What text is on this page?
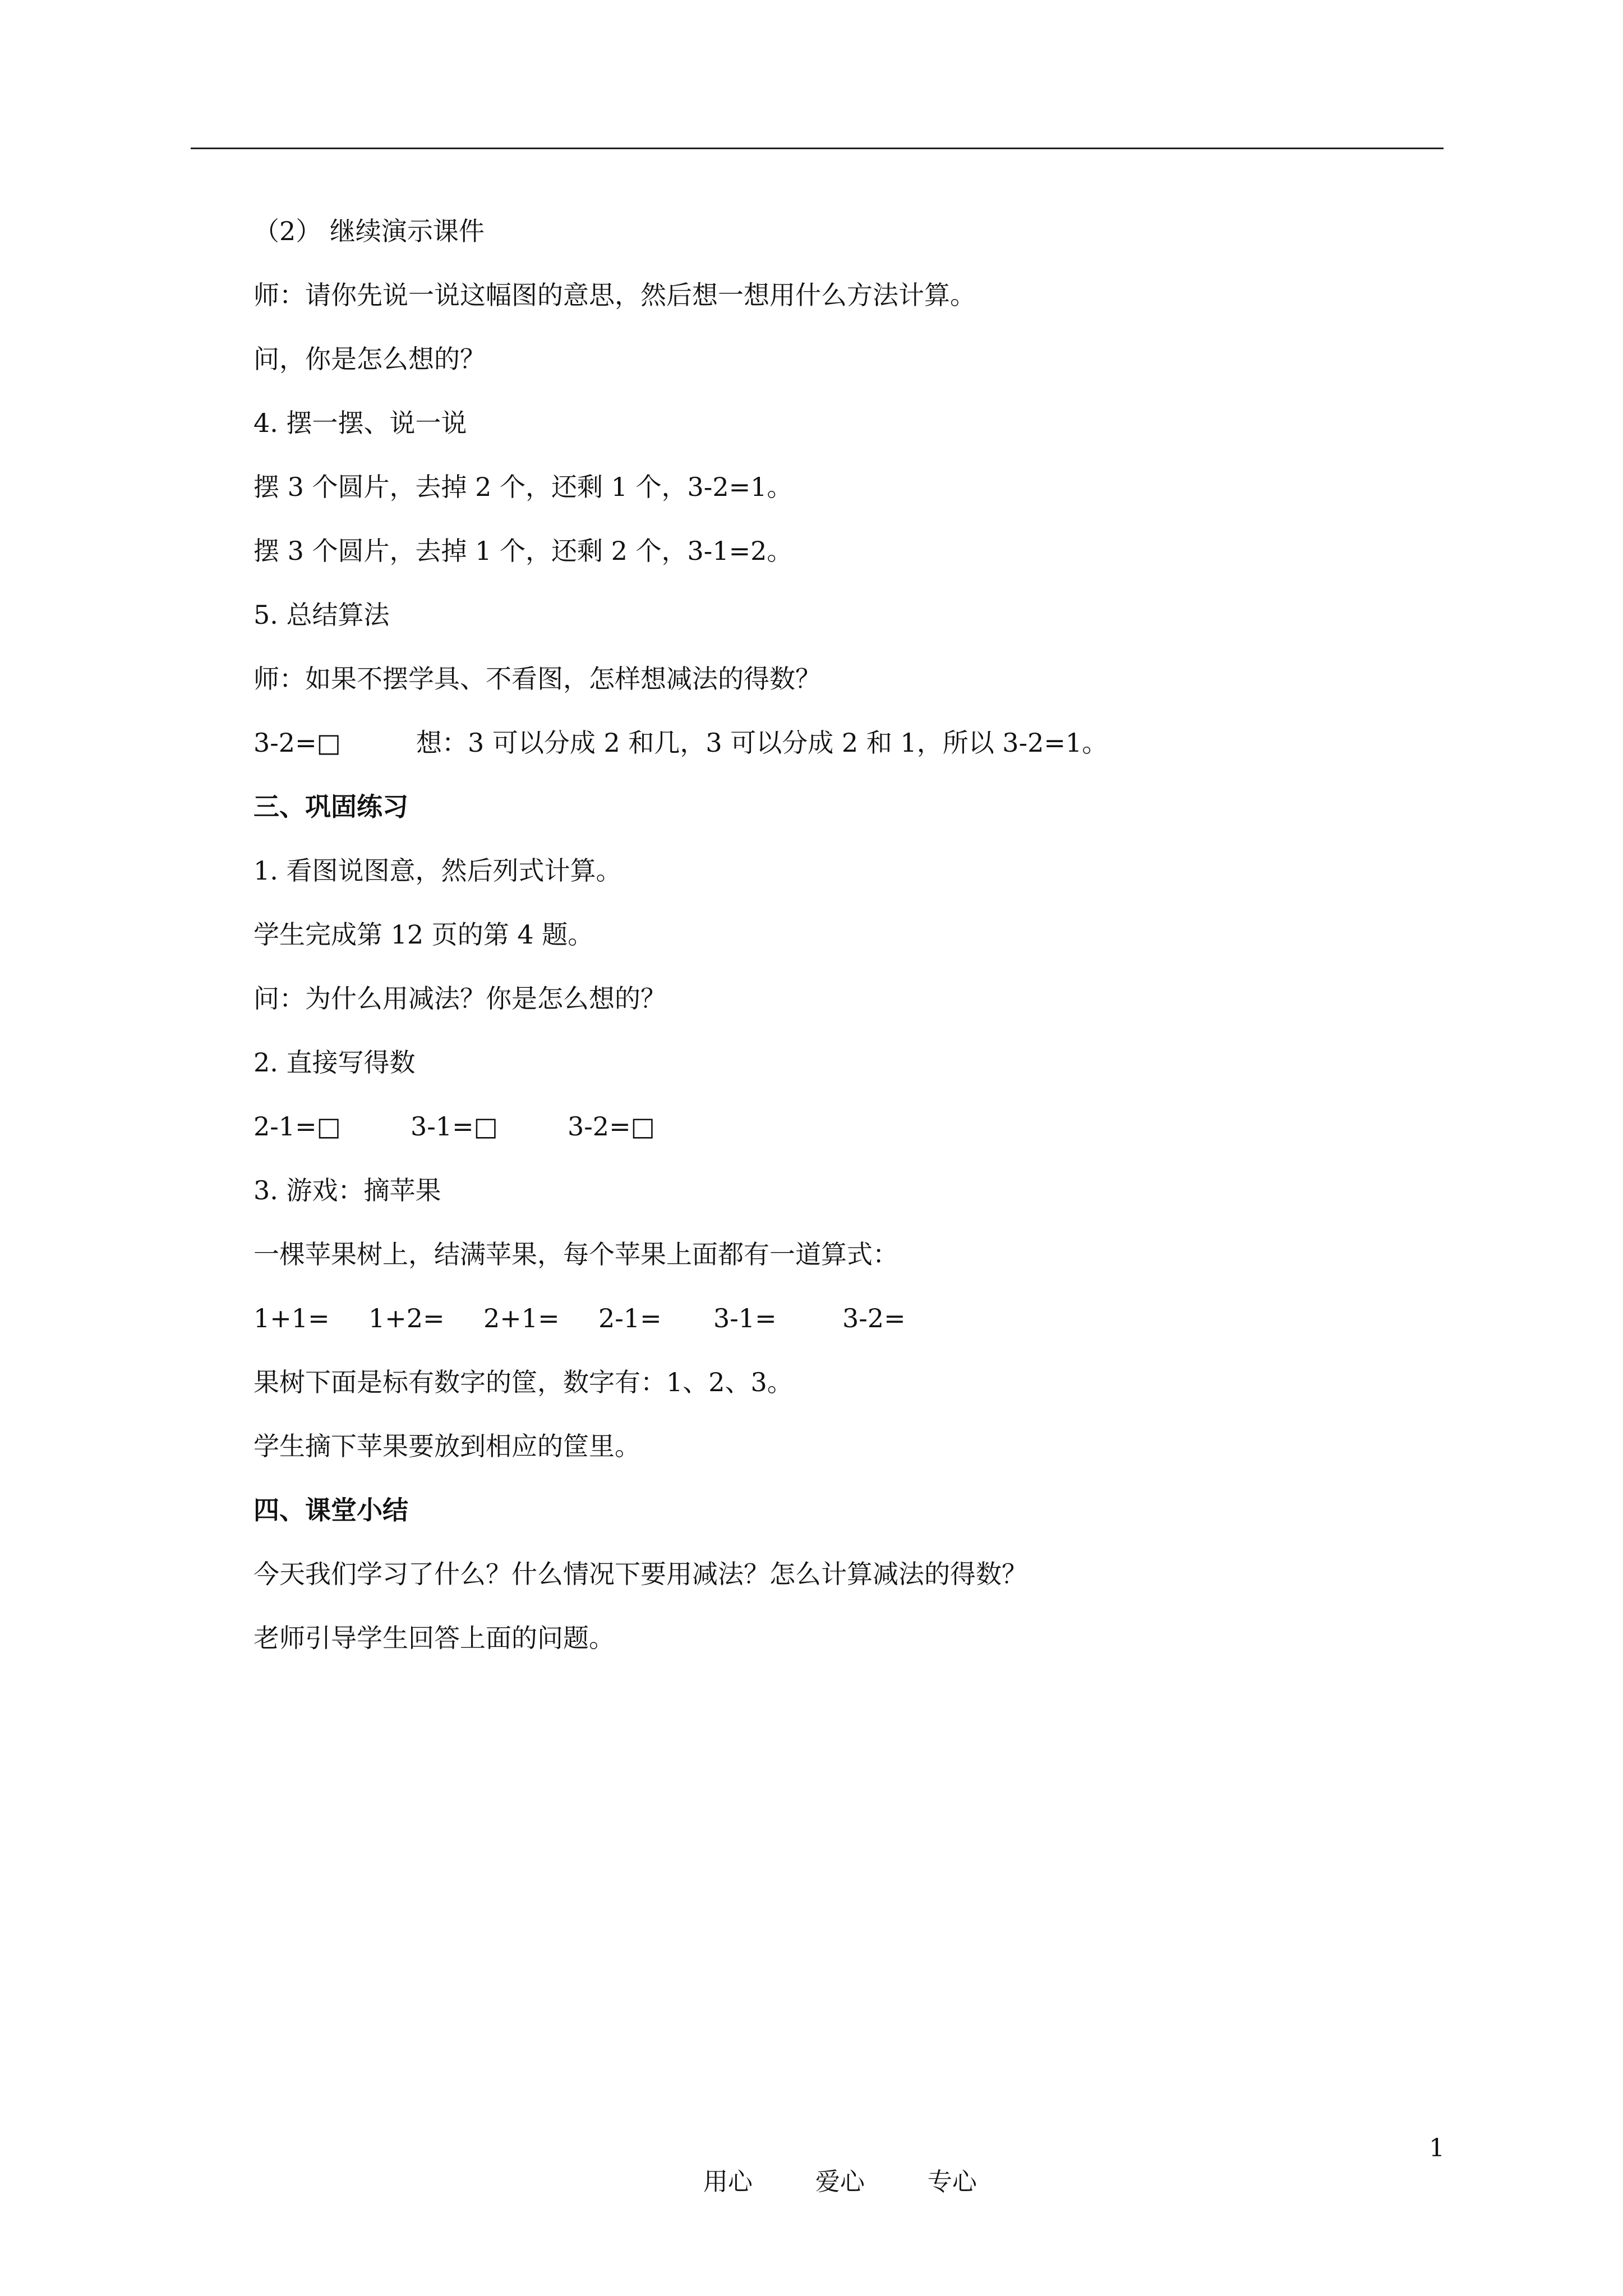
（2） 继续演示课件
师：请你先说一说这幅图的意思，然后想一想用什么方法计算。
问，你是怎么想的？
4. 摆一摆、说一说
摆 3 个圆片，去掉 2 个，还剩 1 个，3-2=1。
摆 3 个圆片，去掉 1 个，还剩 2 个，3-1=2。
5. 总结算法
师：如果不摆学具、不看图，怎样想减法的得数？
3-2=□	想：3 可以分成 2 和几，3 可以分成 2 和 1，所以 3-2=1。
三、巩固练习
1. 看图说图意，然后列式计算。
学生完成第 12 页的第 4 题。
问：为什么用减法？你是怎么想的？
2. 直接写得数
2-1=□	3-1=□	3-2=□
3. 游戏：摘苹果
一棵苹果树上，结满苹果，每个苹果上面都有一道算式：
1+1= 1+2= 2+1= 2-1= 3-1=	3-2=
果树下面是标有数字的筐，数字有：1、2、3。
学生摘下苹果要放到相应的筐里。
四、课堂小结
今天我们学习了什么？什么情况下要用减法？怎么计算减法的得数？
老师引导学生回答上面的问题。

用心	爱心	专心

1
